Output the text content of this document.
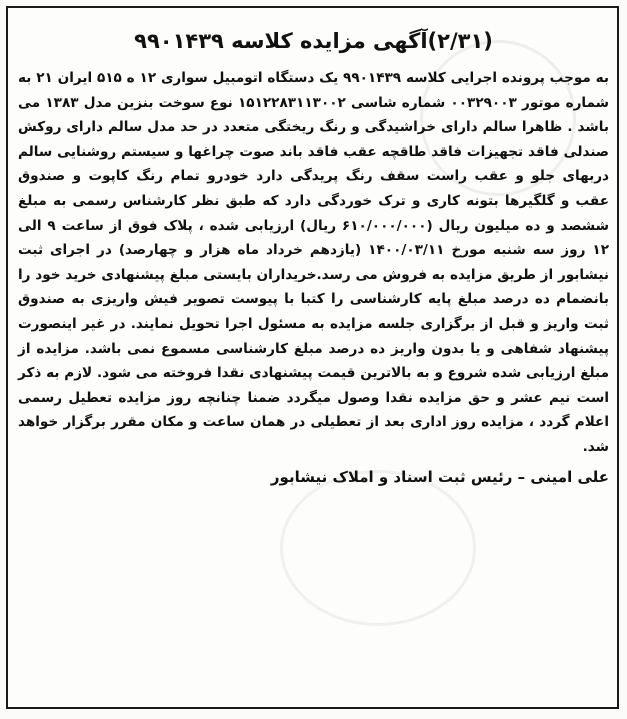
(۲/۳۱)آگهی مزایده کلاسه ۹۹۰۱۴۳۹

به موجب پرونده اجرایی کلاسه ۹۹۰۱۴۳۹ یک دستگاه اتومبیل سواری ۱۲ ه ۵۱۵ ایران ۲۱ به شماره موتور ۰۰۳۲۹۰۰۳ شماره شاسی ۱۵۱۲۲۸۳۱۱۳۰۰۲ نوع سوخت بنزین مدل ۱۳۸۳ می باشد . ظاهرا سالم دارای خراشیدگی و رنگ ریختگی متعدد در حد مدل سالم دارای روکش صندلی فاقد تجهیزات فاقد طاقچه عقب فاقد باند صوت چراغها و سیستم روشنایی سالم دربهای جلو و عقب راست سقف رنگ پریدگی دارد خودرو تمام رنگ کاپوت و صندوق عقب و گلگیرها بتونه کاری و ترک خوردگی دارد که طبق نظر کارشناس رسمی به مبلغ ششصد و ده میلیون ریال (۶۱۰/۰۰۰/۰۰۰ ریال) ارزیابی شده ، پلاک فوق از ساعت ۹ الی ۱۲ روز سه شنبه مورخ ۱۴۰۰/۰۳/۱۱ (یازدهم خرداد ماه هزار و چهارصد) در اجرای ثبت نیشابور از طریق مزایده به فروش می رسد.خریداران بایستی مبلغ پیشنهادی خرید خود را بانضمام ده درصد مبلغ پایه کارشناسی را کتبا با پیوست تصویر فیش واریزی به صندوق ثبت واریز و قبل از برگزاری جلسه مزایده به مسئول اجرا تحویل نمایند. در غیر اینصورت پیشنهاد شفاهی و یا بدون واریز ده درصد مبلغ کارشناسی مسموع نمی باشد. مزایده از مبلغ ارزیابی شده شروع و به بالاترین قیمت پیشنهادی نقدا فروخته می شود. لازم به ذکر است نیم عشر و حق مزایده نقدا وصول میگردد ضمنا چنانچه روز مزایده تعطیل رسمی اعلام گردد ، مزایده روز اداری بعد از تعطیلی در همان ساعت و مکان مقرر برگزار خواهد شد.

علی امینی – رئیس ثبت اسناد و املاک نیشابور
